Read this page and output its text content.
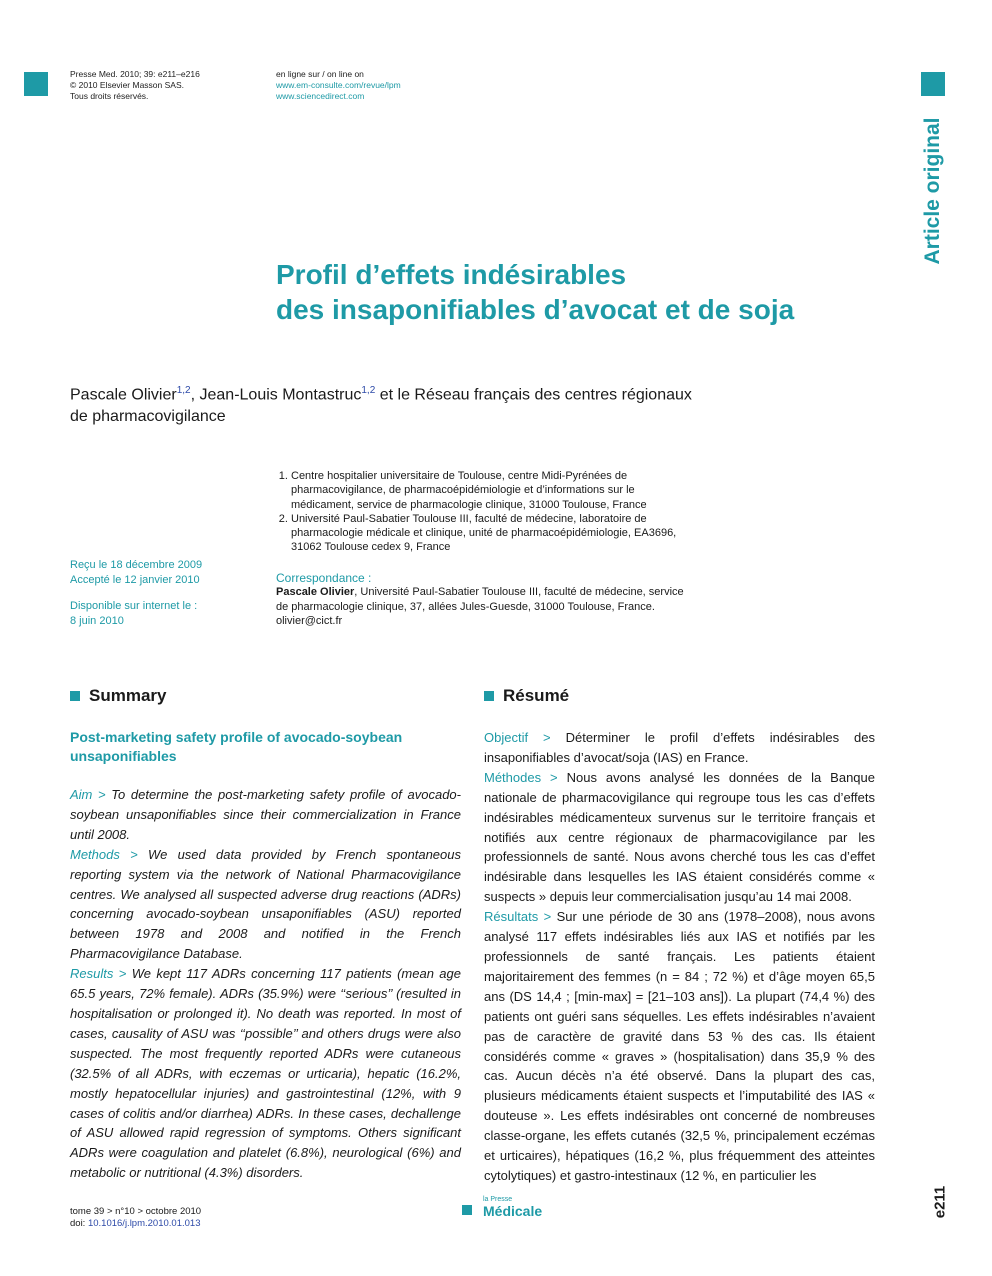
Presse Med. 2010; 39: e211–e216
© 2010 Elsevier Masson SAS.
Tous droits réservés.
en ligne sur / on line on
www.em-consulte.com/revue/lpm
www.sciencedirect.com
Article original
Profil d’effets indésirables
des insaponifiables d’avocat et de soja
Pascale Olivier$^{1,2}$, Jean-Louis Montastruc$^{1,2}$ et le Réseau français des centres régionaux
de pharmacovigilance
1. Centre hospitalier universitaire de Toulouse, centre Midi-Pyrénées de pharmacovigilance, de pharmacoépidémiologie et d’informations sur le médicament, service de pharmacologie clinique, 31000 Toulouse, France
2. Université Paul-Sabatier Toulouse III, faculté de médecine, laboratoire de pharmacologie médicale et clinique, unité de pharmacoépidémiologie, EA3696, 31062 Toulouse cedex 9, France
Reçu le 18 décembre 2009
Accepté le 12 janvier 2010
Disponible sur internet le :
8 juin 2010
Correspondance :
Pascale Olivier, Université Paul-Sabatier Toulouse III, faculté de médecine, service de pharmacologie clinique, 37, allées Jules-Guesde, 31000 Toulouse, France.
olivier@cict.fr
Summary
Post-marketing safety profile of avocado-soybean unsaponifiables

Aim > To determine the post-marketing safety profile of avocado-soybean unsaponifiables since their commercialization in France until 2008.

Methods > We used data provided by French spontaneous reporting system via the network of National Pharmacovigilance centres. We analysed all suspected adverse drug reactions (ADRs) concerning avocado-soybean unsaponifiables (ASU) reported between 1978 and 2008 and notified in the French Pharmacovigilance Database.

Results > We kept 117 ADRs concerning 117 patients (mean age 65.5 years, 72% female). ADRs (35.9%) were ‘‘serious’’ (resulted in hospitalisation or prolonged it). No death was reported. In most of cases, causality of ASU was ‘‘possible’’ and others drugs were also suspected. The most frequently reported ADRs were cutaneous (32.5% of all ADRs, with eczemas or urticaria), hepatic (16.2%, mostly hepatocellular injuries) and gastrointestinal (12%, with 9 cases of colitis and/or diarrhea) ADRs. In these cases, dechallenge of ASU allowed rapid regression of symptoms. Others significant ADRs were coagulation and platelet (6.8%), neurological (6%) and metabolic or nutritional (4.3%) disorders.

Résumé

Objectif > Déterminer le profil d’effets indésirables des insaponifiables d’avocat/soja (IAS) en France.

Méthodes > Nous avons analysé les données de la Banque nationale de pharmacovigilance qui regroupe tous les cas d’effets indésirables médicamenteux survenus sur le territoire français et notifiés aux centre régionaux de pharmacovigilance par les professionnels de santé. Nous avons cherché tous les cas d’effet indésirable dans lesquelles les IAS étaient considérés comme « suspects » depuis leur commercialisation jusqu’au 14 mai 2008.

Résultats > Sur une période de 30 ans (1978–2008), nous avons analysé 117 effets indésirables liés aux IAS et notifiés par les professionnels de santé français. Les patients étaient majoritairement des femmes (n = 84 ; 72 %) et d’âge moyen 65,5 ans (DS 14,4 ; [min-max] = [21–103 ans]). La plupart (74,4 %) des patients ont guéri sans séquelles. Les effets indésirables n’avaient pas de caractère de gravité dans 53 % des cas. Ils étaient considérés comme « graves » (hospitalisation) dans 35,9 % des cas. Aucun décès n’a été observé. Dans la plupart des cas, plusieurs médicaments étaient suspects et l’imputabilité des IAS « douteuse ». Les effets indésirables ont concerné de nombreuses classe-organe, les effets cutanés (32,5 %, principalement eczémas et urticaires), hépatiques (16,2 %, plus fréquemment des atteintes cytolytiques) et gastro-intestinaux (12 %, en particulier les

tome 39 > n°10 > octobre 2010
doi: 10.1016/j.lpm.2010.01.013
la Presse
Médicale	e211
